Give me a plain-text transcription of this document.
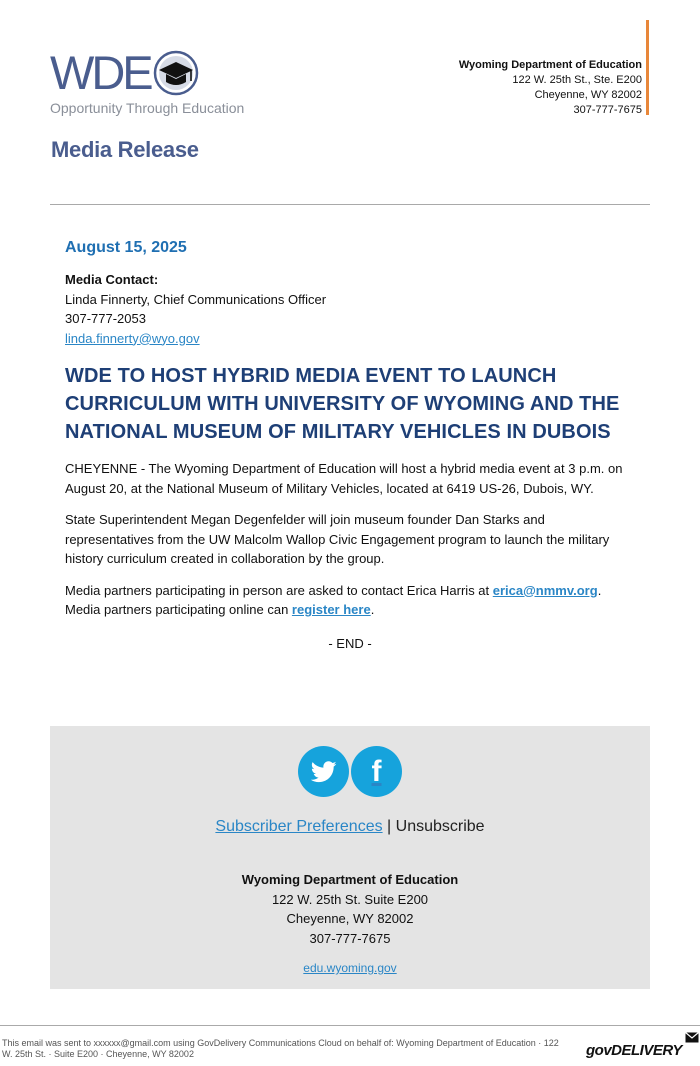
WDE
Opportunity Through Education
Wyoming Department of Education
122 W. 25th St., Ste. E200
Cheyenne, WY 82002
307-777-7675
Media Release
August 15, 2025
Media Contact:
Linda Finnerty, Chief Communications Officer
307-777-2053
linda.finnerty@wyo.gov
WDE TO HOST HYBRID MEDIA EVENT TO LAUNCH CURRICULUM WITH UNIVERSITY OF WYOMING AND THE NATIONAL MUSEUM OF MILITARY VEHICLES IN DUBOIS
CHEYENNE - The Wyoming Department of Education will host a hybrid media event at 3 p.m. on August 20, at the National Museum of Military Vehicles, located at 6419 US-26, Dubois, WY.
State Superintendent Megan Degenfelder will join museum founder Dan Starks and representatives from the UW Malcolm Wallop Civic Engagement program to launch the military history curriculum created in collaboration by the group.
Media partners participating in person are asked to contact Erica Harris at erica@nmmv.org.
Media partners participating online can register here.
- END -
f
Subscriber Preferences | Unsubscribe
Wyoming Department of Education
122 W. 25th St. Suite E200
Cheyenne, WY 82002
307-777-7675
edu.wyoming.gov
This email was sent to xxxxxx@gmail.com using GovDelivery Communications Cloud on behalf of: Wyoming Department of Education · 122 W. 25th St. · Suite E200 · Cheyenne, WY 82002	govDELIVERY
